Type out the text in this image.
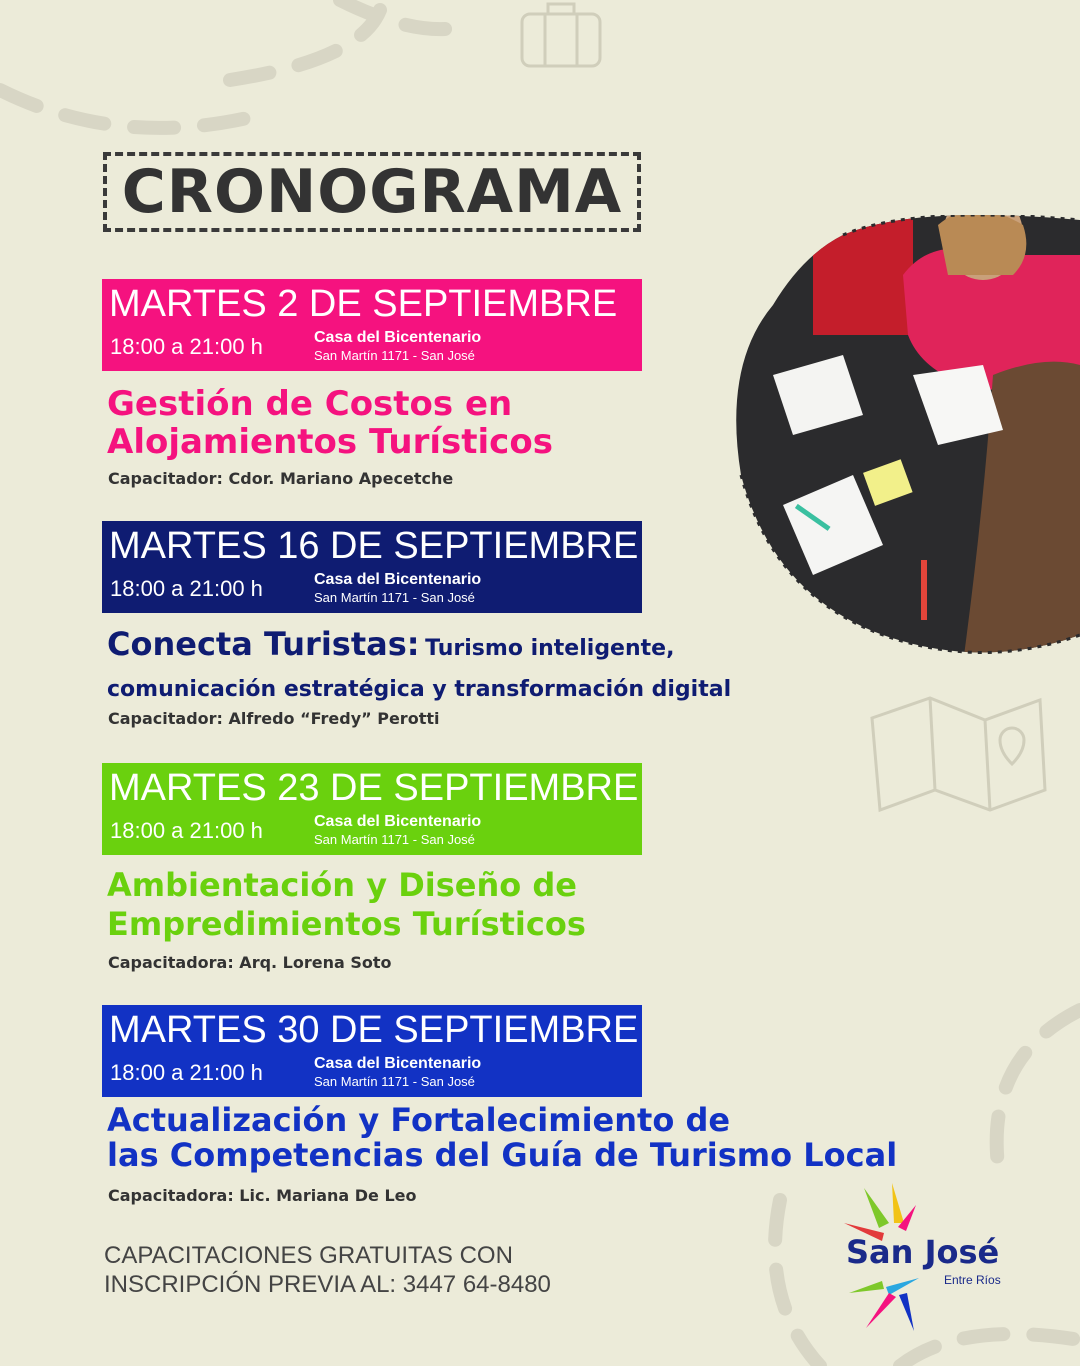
CRONOGRAMA
MARTES 2 DE SEPTIEMBRE
18:00 a 21:00 h	Casa del Bicentenario
San Martín 1171 - San José
Gestión de Costos en
Alojamientos Turísticos
Capacitador: Cdor. Mariano Apecetche
MARTES 16 DE SEPTIEMBRE
18:00 a 21:00 h	Casa del Bicentenario
San Martín 1171 - San José
Conecta Turistas: Turismo inteligente,
comunicación estratégica y transformación digital
Capacitador: Alfredo “Fredy” Perotti
MARTES 23 DE SEPTIEMBRE
18:00 a 21:00 h	Casa del Bicentenario
San Martín 1171 - San José
Ambientación y Diseño de
Empredimientos Turísticos
Capacitadora: Arq. Lorena Soto
MARTES 30 DE SEPTIEMBRE
18:00 a 21:00 h	Casa del Bicentenario
San Martín 1171 - San José
Actualización y Fortalecimiento de
las Competencias del Guía de Turismo Local
Capacitadora: Lic. Mariana De Leo
CAPACITACIONES GRATUITAS CON
INSCRIPCIÓN PREVIA AL: 3447 64-8480
San José
Entre Ríos
